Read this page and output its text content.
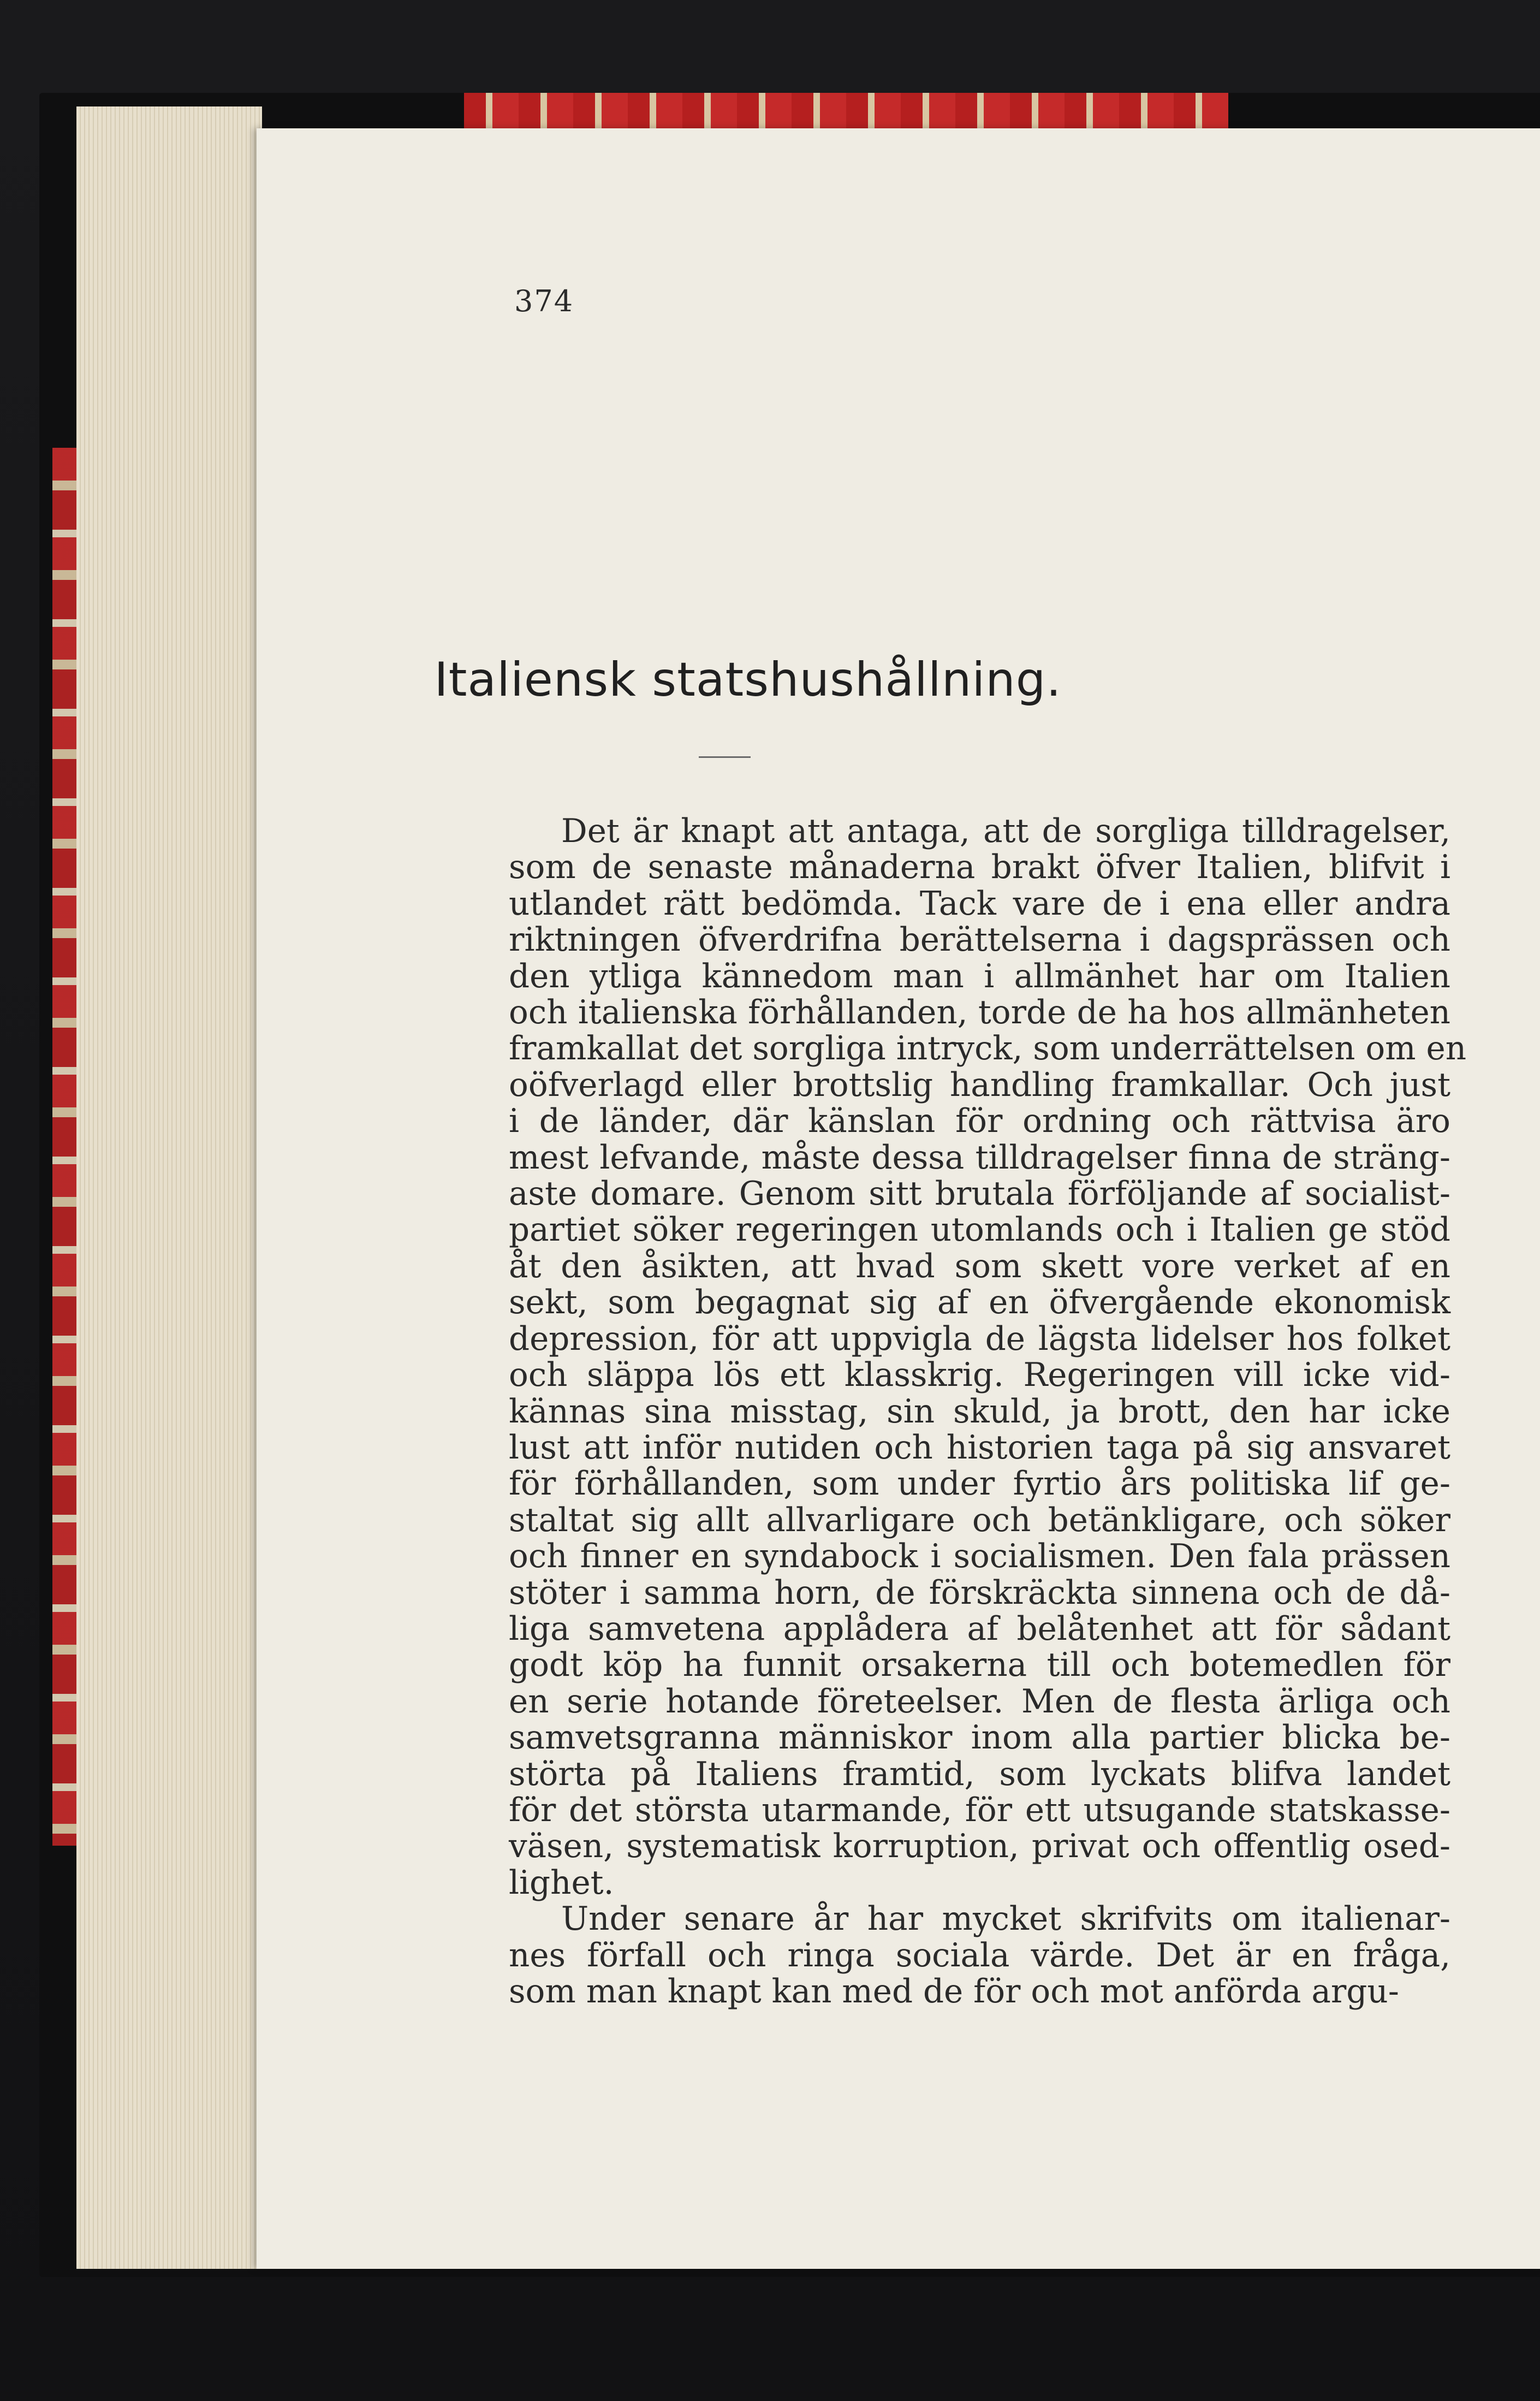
374
Italiensk statshushållning.
Det är knapt att antaga, att de sorgliga tilldragelser,
som de senaste månaderna brakt öfver Italien, blifvit i
utlandet rätt bedömda. Tack vare de i ena eller andra
riktningen öfverdrifna berättelserna i dagsprässen och
den ytliga kännedom man i allmänhet har om Italien
och italienska förhållanden, torde de ha hos allmänheten
framkallat det sorgliga intryck, som underrättelsen om en
oöfverlagd eller brottslig handling framkallar. Och just
i de länder, där känslan för ordning och rättvisa äro
mest lefvande, måste dessa tilldragelser finna de sträng-
aste domare. Genom sitt brutala förföljande af socialist-
partiet söker regeringen utomlands och i Italien ge stöd
åt den åsikten, att hvad som skett vore verket af en
sekt, som begagnat sig af en öfvergående ekonomisk
depression, för att uppvigla de lägsta lidelser hos folket
och släppa lös ett klasskrig. Regeringen vill icke vid-
kännas sina misstag, sin skuld, ja brott, den har icke
lust att inför nutiden och historien taga på sig ansvaret
för förhållanden, som under fyrtio års politiska lif ge-
staltat sig allt allvarligare och betänkligare, och söker
och finner en syndabock i socialismen. Den fala prässen
stöter i samma horn, de förskräckta sinnena och de då-
liga samvetena applådera af belåtenhet att för sådant
godt köp ha funnit orsakerna till och botemedlen för
en serie hotande företeelser. Men de flesta ärliga och
samvetsgranna människor inom alla partier blicka be-
störta på Italiens framtid, som lyckats blifva landet
för det största utarmande, för ett utsugande statskasse-
väsen, systematisk korruption, privat och offentlig osed-
lighet.
Under senare år har mycket skrifvits om italienar-
nes förfall och ringa sociala värde. Det är en fråga,
som man knapt kan med de för och mot anförda argu-
